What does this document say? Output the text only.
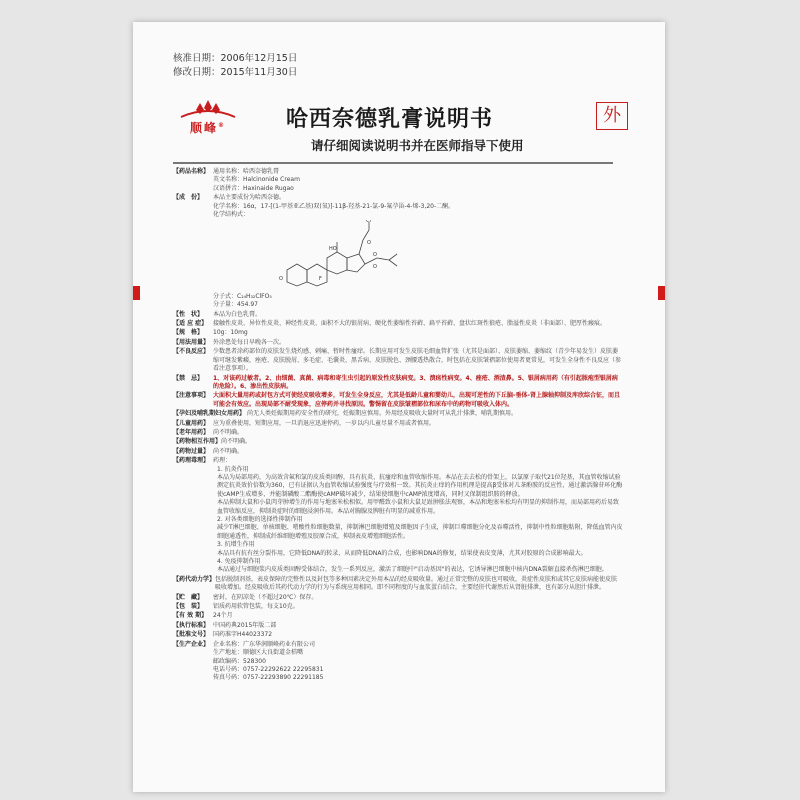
核准日期：2006年12月15日
修改日期：2015年11月30日
顺峰®	哈西奈德乳膏说明书	外
请仔细阅读说明书并在医师指导下使用
【药品名称】 通用名称：哈西奈德乳膏
英文名称：Halcinonide Cream
汉语拼音：Haxinaide Rugao
【成　份】	本品主要成份为哈西奈德。
化学名称：16α，17-[(1-甲基亚乙基)双(氧)]-11β-羟基-21-氯-9-氟孕甾-4-烯-3,20-二酮。
化学结构式：
O
HO
F
Cl
O
O
O
分子式：C₂₄H₃₂ClFO₅
分子量：454.97
【性　状】	本品为白色乳膏。
【适 应 症】 接触性皮炎、异位性皮炎、神经性皮炎、面积不大的银屑病、硬化性萎缩性苔藓、扁平苔藓、盘状红斑性狼疮、脂溢性皮炎（非面部）、肥厚性瘢痕。
【规　格】	10g：10mg
【用法用量】 外涂患处每日早晚各一次。
【不良反应】 少数患者涂药部位的皮肤发生烧灼感、刺痛、暂时性瘙痒。长期应用可发生皮肤毛细血管扩张（尤其是面部）、皮肤萎缩、萎缩纹（青少年易发生）皮肤萎缩可继发紫癜，痤疮、皮肤脱屑、多毛症、毛囊炎、黑舌病、皮肤脱色、颈腰透热散合，时包括在皮肤皱褶部位使用者更常见，可发生全身性不良反应（参看注意事项）。
【禁　忌】	1、对该药过敏者。2、由细菌、真菌、病毒和寄生虫引起的原发性皮肤病变。3、溃疡性病变。4、痤疮、酒渣鼻。5、银屑病用药（有引起脓疱型银屑病的危险）。6、渗出性皮肤病。
【注意事项】 大面积大量用药或封包方式可使经皮吸收增多，可发生全身反应，尤其是低龄儿童和婴幼儿，出现可逆性的下丘脑-垂体-肾上腺轴抑制及库欣综合征，而且可能会有效应。出现局部不耐受现象，应停药并寻找原因。警惕留在皮肤皱褶部位和尿布中的药物可吸收入体内。
【孕妇及哺乳期妇女用药】 尚无人类妊娠期用药安全性的研究，妊娠期应慎用。外用经皮吸收大量时可从乳汁排泄，哺乳期慎用。
【儿童用药】 应为重叠使用，短期应用，一旦消退应迅速停药，一岁以内儿童尽量不用或者慎用。
【老年用药】 尚不明确。
【药物相互作用】 尚不明确。
【药物过量】 尚不明确。
【药理毒理】 药理：
1. 抗炎作用
本品为局部用药，为高效含氟和氯的皮质类固醇，具有抗炎、抗瘙痒和血管收缩作用。本品在去去松的骨架上，以氯原子取代21位羟基，其血管收缩试验测定抗炎效价倍数为360，已有证据认为血管收缩试验强度与疗效相一致。其抗炎止痒的作用机理是提高β受体对儿茶酚胺的反应性，通过激活腺苷环化酶使cAMP生成增多，并能制磷酸二酯酶使cAMP破坏减少，结果使细胞中cAMP浓度增高，同时又保制组织胺的释放。
本品抑制大鼠和小鼠肉芽肿增生的作用与地塞米松相似。用甲醛致小鼠和大鼠足趾肿胀法观察，本品和地塞米松均有明显的抑制作用，而局部用药后易致血管收缩反应，抑制炎症时的细胞浸润作用。本品对胸腺及脾脏有明显的减重作用。
2. 对各类细胞的选择性抑制作用
减少T淋巴细胞、单核细胞、嗜酸性粒细胞数量，抑制淋巴细胞增殖及细胞因子生成，抑制巨噬细胞分化及吞噬活性，抑制中性粒细胞粘附，降低血管内皮细胞通透性，抑制成纤维细胞增殖及胶原合成，抑制表皮增殖细胞活性。
3. 抗增生作用
本品具有抗有丝分裂作用，它降低DNA的转录，从而降低DNA的合成，也影响DNA的修复，结果使表皮变薄，尤其对胶原的合成影响最大。
4. 免疫抑制作用
本品通过与细胞浆内皮质类固醇受体结合，发生一系列反应，激活了细胞中"启动基因"的表达，它诱导淋巴细胞中核内DNA裂解直接杀伤淋巴细胞。
【药代动力学】 包括脱制剂基，表皮保障的完整性以及封包等多种因素决定外用本品的经皮吸收量。通过正常完整的皮肤也可吸收，炎症性皮肤和或其它皮肤病能使皮肤吸收增加。经皮吸收后其药代动力学的行为与系统应用相同。即不同程度的与血浆蛋白结合，主要经肝代谢然后从肾脏排泄，也有部分从胆汁排泄。
【贮　藏】	密封，在阴凉处（不超过20℃）保存。
【包　装】	铝质药用软管包装，每支10克。
【有 效 期】 24个月
【执行标准】 中国药典2015年版二部
【批准文号】 国药准字H44023372
【生产企业】 企业名称：广东华润顺峰药业有限公司
生产地址：顺德区大良街道金桔嘴
邮政编码：528300
电话号码：0757-22292622 22295831
传真号码：0757-22293890 22291185
